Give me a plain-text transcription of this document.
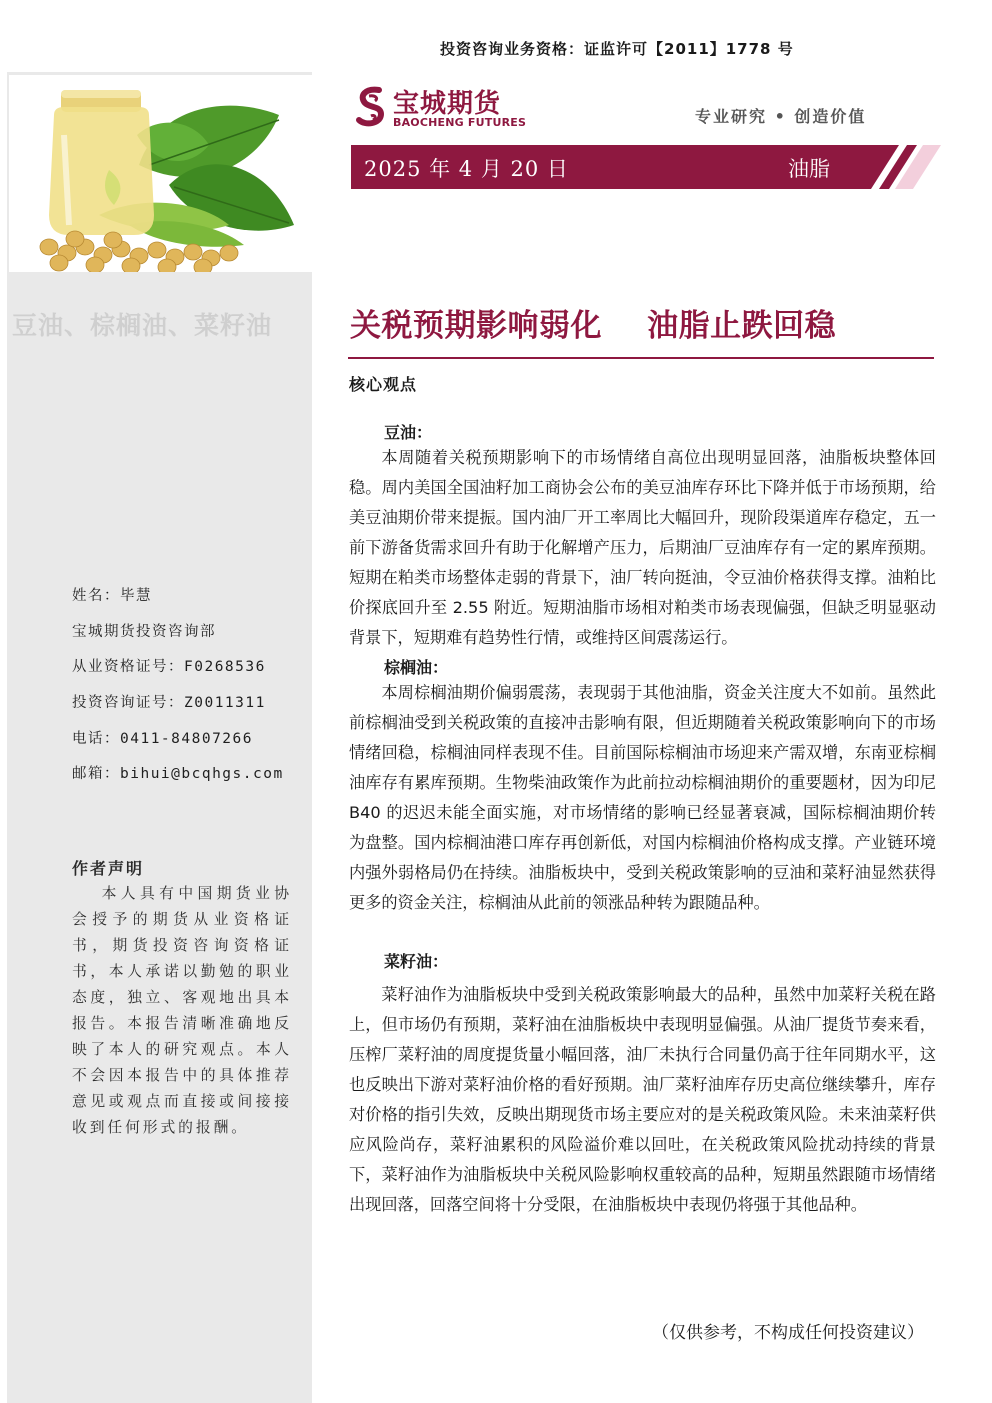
豆油、棕榈油、菜籽油
姓名：毕慧
宝城期货投资咨询部
从业资格证号：F0268536
投资咨询证号：Z0011311
电话：0411-84807266
邮箱：bihui@bcqhgs.com
作者声明
本人具有中国期货业协会授予的期货从业资格证书，期货投资咨询资格证书，本人承诺以勤勉的职业态度，独立、客观地出具本报告。本报告清晰准确地反映了本人的研究观点。本人不会因本报告中的具体推荐意见或观点而直接或间接接收到任何形式的报酬。
投资咨询业务资格：证监许可【2011】1778 号
宝城期货
BAOCHENG FUTURES	专业研究 • 创造价值
2025 年 4 月 20 日	油脂
关税预期影响弱化    油脂止跌回稳
核心观点
豆油：
本周随着关税预期影响下的市场情绪自高位出现明显回落，油脂板块整体回稳。周内美国全国油籽加工商协会公布的美豆油库存环比下降并低于市场预期，给美豆油期价带来提振。国内油厂开工率周比大幅回升，现阶段渠道库存稳定，五一前下游备货需求回升有助于化解增产压力，后期油厂豆油库存有一定的累库预期。短期在粕类市场整体走弱的背景下，油厂转向挺油，令豆油价格获得支撑。油粕比价探底回升至 2.55 附近。短期油脂市场相对粕类市场表现偏强，但缺乏明显驱动背景下，短期难有趋势性行情，或维持区间震荡运行。
棕榈油：
本周棕榈油期价偏弱震荡，表现弱于其他油脂，资金关注度大不如前。虽然此前棕榈油受到关税政策的直接冲击影响有限，但近期随着关税政策影响向下的市场情绪回稳，棕榈油同样表现不佳。目前国际棕榈油市场迎来产需双增，东南亚棕榈油库存有累库预期。生物柴油政策作为此前拉动棕榈油期价的重要题材，因为印尼 B40 的迟迟未能全面实施，对市场情绪的影响已经显著衰减，国际棕榈油期价转为盘整。国内棕榈油港口库存再创新低，对国内棕榈油价格构成支撑。产业链环境内强外弱格局仍在持续。油脂板块中，受到关税政策影响的豆油和菜籽油显然获得更多的资金关注，棕榈油从此前的领涨品种转为跟随品种。
菜籽油：
菜籽油作为油脂板块中受到关税政策影响最大的品种，虽然中加菜籽关税在路上，但市场仍有预期，菜籽油在油脂板块中表现明显偏强。从油厂提货节奏来看，压榨厂菜籽油的周度提货量小幅回落，油厂未执行合同量仍高于往年同期水平，这也反映出下游对菜籽油价格的看好预期。油厂菜籽油库存历史高位继续攀升，库存对价格的指引失效，反映出期现货市场主要应对的是关税政策风险。未来油菜籽供应风险尚存，菜籽油累积的风险溢价难以回吐，在关税政策风险扰动持续的背景下，菜籽油作为油脂板块中关税风险影响权重较高的品种，短期虽然跟随市场情绪出现回落，回落空间将十分受限，在油脂板块中表现仍将强于其他品种。
（仅供参考，不构成任何投资建议）
